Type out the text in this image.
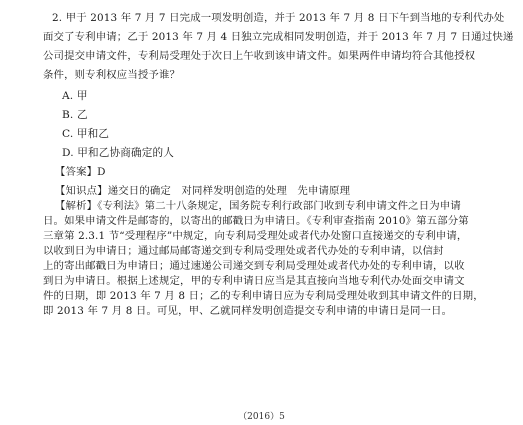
2. 甲于 2013 年 7 月 7 日完成一项发明创造，并于 2013 年 7 月 8 日下午到当地的专利代办处
面交了专利申请；乙于 2013 年 7 月 4 日独立完成相同发明创造，并于 2013 年 7 月 7 日通过快递
公司提交申请文件，专利局受理处于次日上午收到该申请文件。如果两件申请均符合其他授权
条件，则专利权应当授予谁？
A. 甲
B. 乙
C. 甲和乙
D. 甲和乙协商确定的人
【答案】D
【知识点】递交日的确定　对同样发明创造的处理　先申请原理
【解析】《专利法》第二十八条规定，国务院专利行政部门收到专利申请文件之日为申请
日。如果申请文件是邮寄的，以寄出的邮戳日为申请日。《专利审查指南 2010》第五部分第
三章第 2.3.1 节“受理程序”中规定，向专利局受理处或者代办处窗口直接递交的专利申请，
以收到日为申请日；通过邮局邮寄递交到专利局受理处或者代办处的专利申请，以信封
上的寄出邮戳日为申请日；通过速递公司递交到专利局受理处或者代办处的专利申请，以收
到日为申请日。根据上述规定，甲的专利申请日应当是其直接向当地专利代办处面交申请文
件的日期，即 2013 年 7 月 8 日；乙的专利申请日应为专利局受理处收到其申请文件的日期，
即 2013 年 7 月 8 日。可见，甲、乙就同样发明创造提交专利申请的申请日是同一日。
（2016）5
